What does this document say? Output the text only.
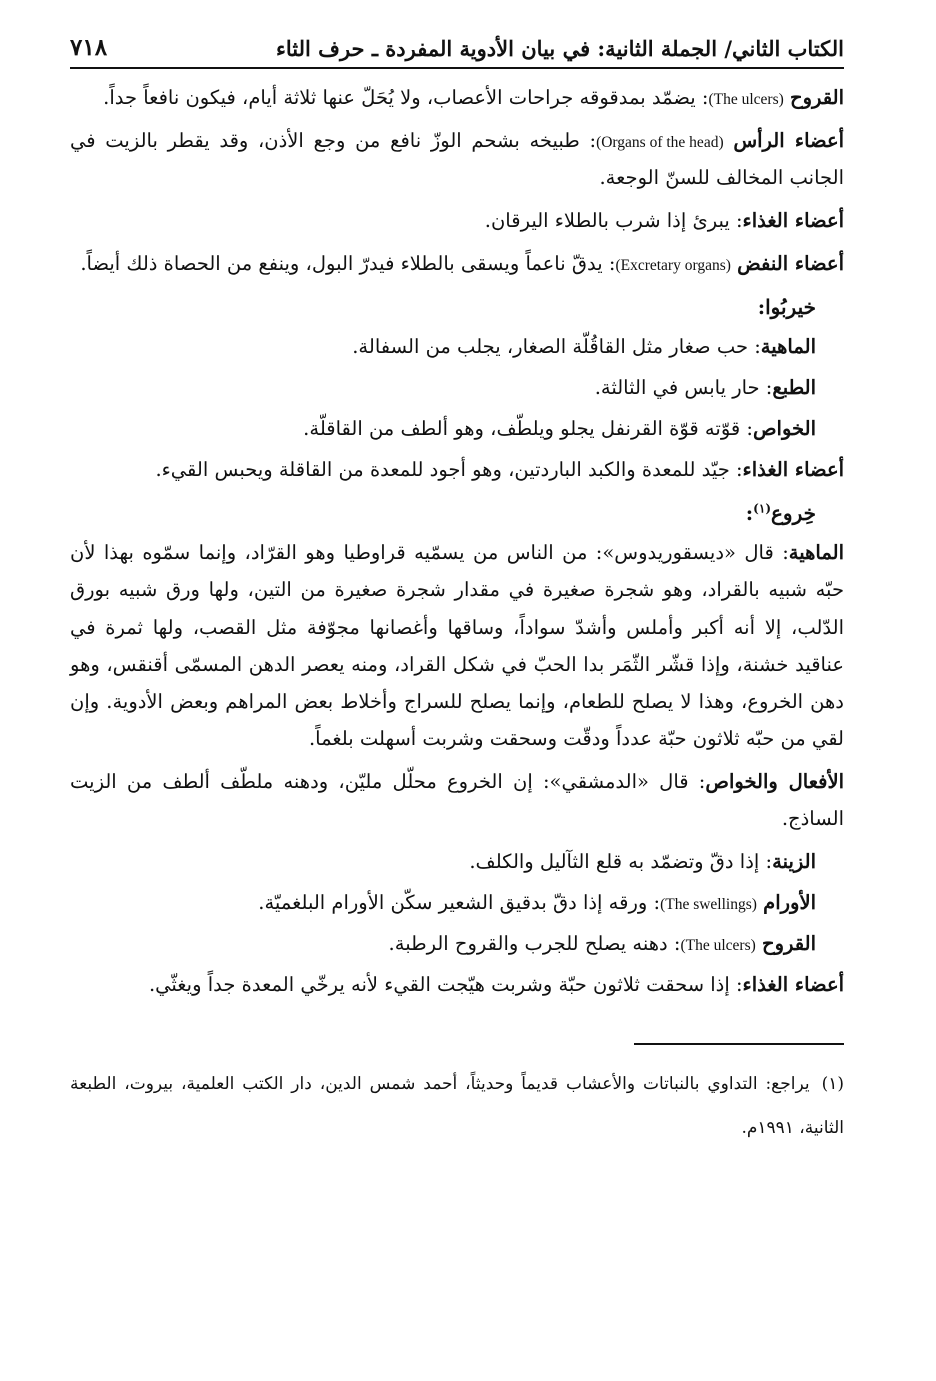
الكتاب الثاني/ الجملة الثانية: في بيان الأدوية المفردة ـ حرف الثاء
٧١٨

القروح (The ulcers): يضمّد بمدقوقه جراحات الأعصاب، ولا يُحَلّ عنها ثلاثة أيام، فيكون نافعاً جداً.

أعضاء الرأس (Organs of the head): طبيخه بشحم الوزّ نافع من وجع الأذن، وقد يقطر بالزيت في الجانب المخالف للسنّ الوجعة.

أعضاء الغذاء: يبرئ إذا شرب بالطلاء اليرقان.

أعضاء النفض (Excretary organs): يدقّ ناعماً ويسقى بالطلاء فيدرّ البول، وينفع من الحصاة ذلك أيضاً.

خيربُوا:

الماهية: حب صغار مثل القاقُلّة الصغار، يجلب من السفالة.

الطبع: حار يابس في الثالثة.

الخواص: قوّته قوّة القرنفل يجلو ويلطّف، وهو ألطف من القاقلّة.

أعضاء الغذاء: جيّد للمعدة والكبد الباردتين، وهو أجود للمعدة من القاقلة ويحبس القيء.

خِروع$^{(١)}$:

الماهية: قال «ديسقوريدوس»: من الناس من يسمّيه قراوطيا وهو القرّاد، وإنما سمّوه بهذا لأن حبّه شبيه بالقراد، وهو شجرة صغيرة في مقدار شجرة صغيرة من التين، ولها ورق شبيه بورق الدّلب، إلا أنه أكبر وأملس وأشدّ سواداً، وساقها وأغصانها مجوّفة مثل القصب، ولها ثمرة في عناقيد خشنة، وإذا قشّر الثّمَر بدا الحبّ في شكل القراد، ومنه يعصر الدهن المسمّى أقنقس، وهو دهن الخروع، وهذا لا يصلح للطعام، وإنما يصلح للسراج وأخلاط بعض المراهم وبعض الأدوية. وإن لقي من حبّه ثلاثون حبّة عدداً ودقّت وسحقت وشربت أسهلت بلغماً.

الأفعال والخواص: قال «الدمشقي»: إن الخروع محلّل مليّن، ودهنه ملطّف ألطف من الزيت الساذج.

الزينة: إذا دقّ وتضمّد به قلع الثآليل والكلف.

الأورام (The swellings): ورقه إذا دقّ بدقيق الشعير سكّن الأورام البلغميّة.

القروح (The ulcers): دهنه يصلح للجرب والقروح الرطبة.

أعضاء الغذاء: إذا سحقت ثلاثون حبّة وشربت هيّجت القيء لأنه يرخّي المعدة جداً ويغثّي.

(١)يراجع: التداوي بالنباتات والأعشاب قديماً وحديثاً، أحمد شمس الدين، دار الكتب العلمية، بيروت، الطبعة الثانية، ١٩٩١م.
